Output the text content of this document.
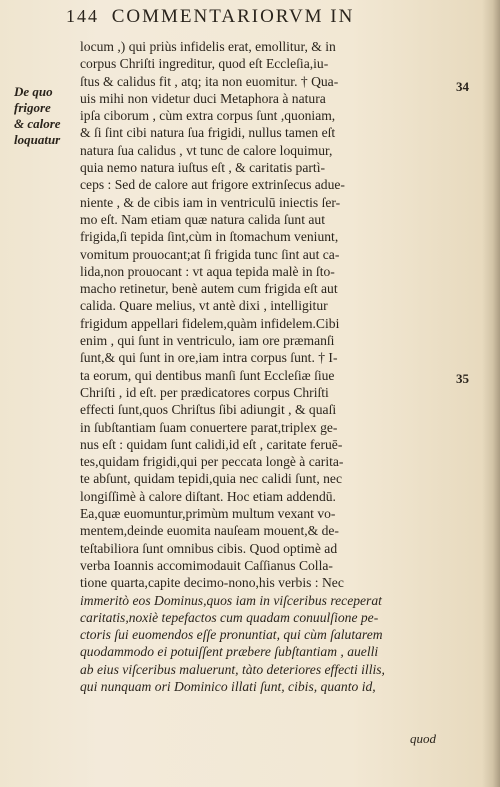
144 COMMENTARIORVM IN
De quo
frigore
& calore
loquatur
34
35
locum ,) qui priùs infidelis erat, emollitur, & in
corpus Chriſti ingreditur, quod eſt Eccleſia,iu-
ſtus & calidus fit , atq; ita non euomitur. † Qua-
uis mihi non videtur duci Metaphora à natura
ipſa ciborum , cùm extra corpus ſunt ,quoniam,
& ſi ſint cibi natura ſua frigidi, nullus tamen eſt
natura ſua calidus , vt tunc de calore loquimur,
quia nemo natura iuſtus eſt , & caritatis partì-
ceps : Sed de calore aut frigore extrinſecus adue-
niente , & de cibis iam in ventriculū iniectis ſer-
mo eſt. Nam etiam quæ natura calida ſunt aut
frigida,ſi tepida ſint,cùm in ſtomachum veniunt,
vomitum prouocant;at ſi frigida tunc ſint aut ca-
lida,non prouocant : vt aqua tepida malè in ſto-
macho retinetur, benè autem cum frigida eſt aut
calida. Quare melius, vt antè dixi , intelligitur
frigidum appellari fidelem,quàm infidelem.Cibi
enim , qui ſunt in ventriculo, iam ore præmanſi
ſunt,& qui ſunt in ore,iam intra corpus ſunt. † I-
ta eorum, qui dentibus manſi ſunt Eccleſiæ ſiue
Chriſti , id eſt. per prædicatores corpus Chriſti
effecti ſunt,quos Chriſtus ſibi adiungit , & quaſi
in ſubſtantiam ſuam conuertere parat,triplex ge-
nus eſt : quidam ſunt calidi,id eſt , caritate feruē-
tes,quidam frigidi,qui per peccata longè à carita-
te abſunt, quidam tepidi,quia nec calidi ſunt, nec
longiſſimè à calore diſtant. Hoc etiam addendū.
Ea,quæ euomuntur,primùm multum vexant vo-
mentem,deinde euomita nauſeam mouent,& de-
teſtabiliora ſunt omnibus cibis. Quod optimè ad
verba Ioannis accomimodauit Caſſianus Colla-
tione quarta,capite decimo-nono,his verbis : Nec
immeritò eos Dominus,quos iam in viſceribus receperat
caritatis,noxiè tepefactos cum quadam conuulſione pe-
ctoris ſui euomendos eſſe pronuntiat, qui cùm ſalutarem
quodammodo ei potuiſſent præbere ſubſtantiam , auelli
ab eius viſceribus maluerunt, tàto deteriores effecti illis,
qui nunquam ori Dominico illati ſunt, cibis, quanto id,
quod
